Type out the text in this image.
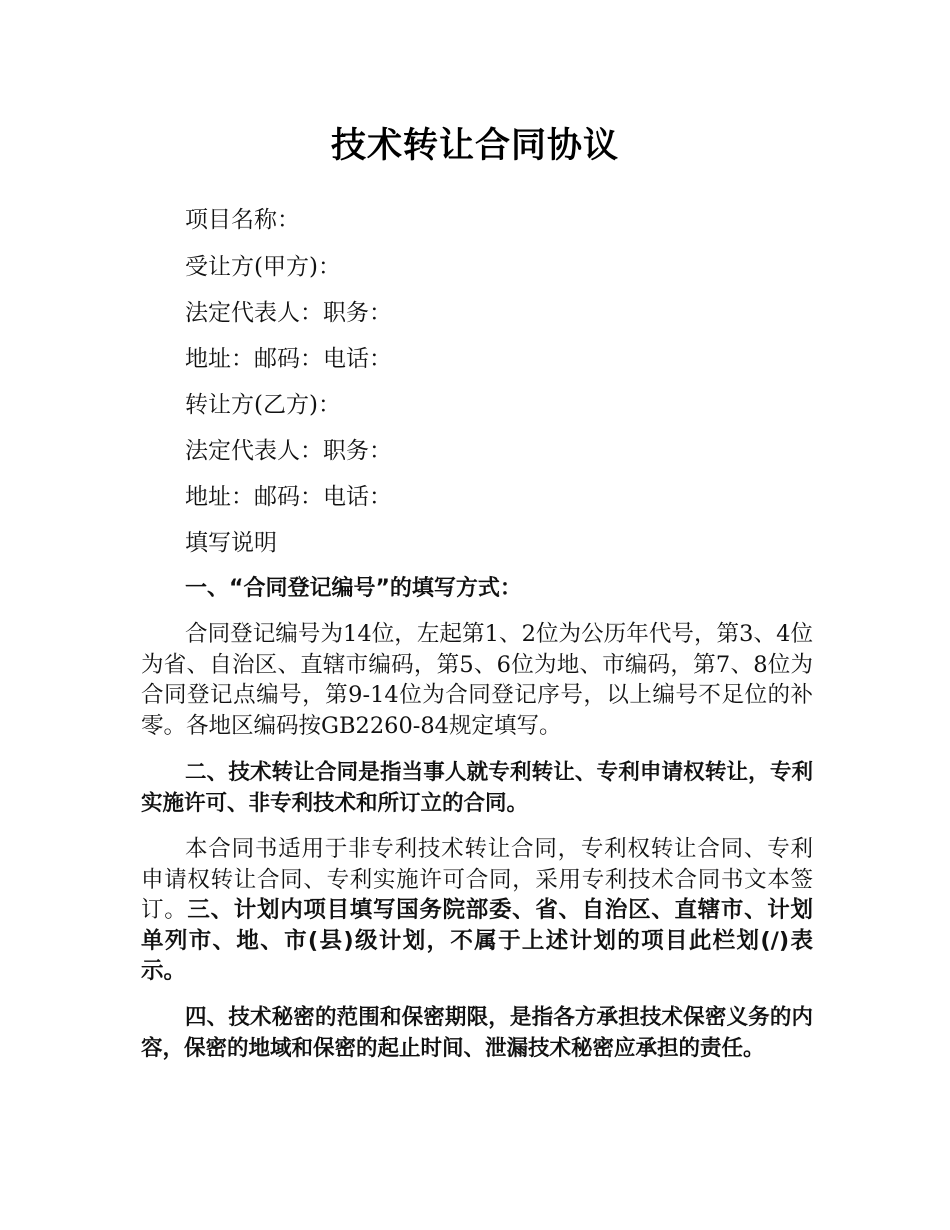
技术转让合同协议
项目名称：
受让方(甲方)：
法定代表人：职务：
地址：邮码：电话：
转让方(乙方)：
法定代表人：职务：
地址：邮码：电话：
填写说明
一、“合同登记编号”的填写方式：
合同登记编号为14位，左起第1、2位为公历年代号，第3、4位为省、自治区、直辖市编码，第5、6位为地、市编码，第7、8位为合同登记点编号，第9-14位为合同登记序号，以上编号不足位的补零。各地区编码按GB2260-84规定填写。
二、技术转让合同是指当事人就专利转让、专利申请权转让，专利实施许可、非专利技术和所订立的合同。
本合同书适用于非专利技术转让合同，专利权转让合同、专利申请权转让合同、专利实施许可合同，采用专利技术合同书文本签订。三、计划内项目填写国务院部委、省、自治区、直辖市、计划单列市、地、市(县)级计划，不属于上述计划的项目此栏划(/)表示。
四、技术秘密的范围和保密期限，是指各方承担技术保密义务的内容，保密的地域和保密的起止时间、泄漏技术秘密应承担的责任。
